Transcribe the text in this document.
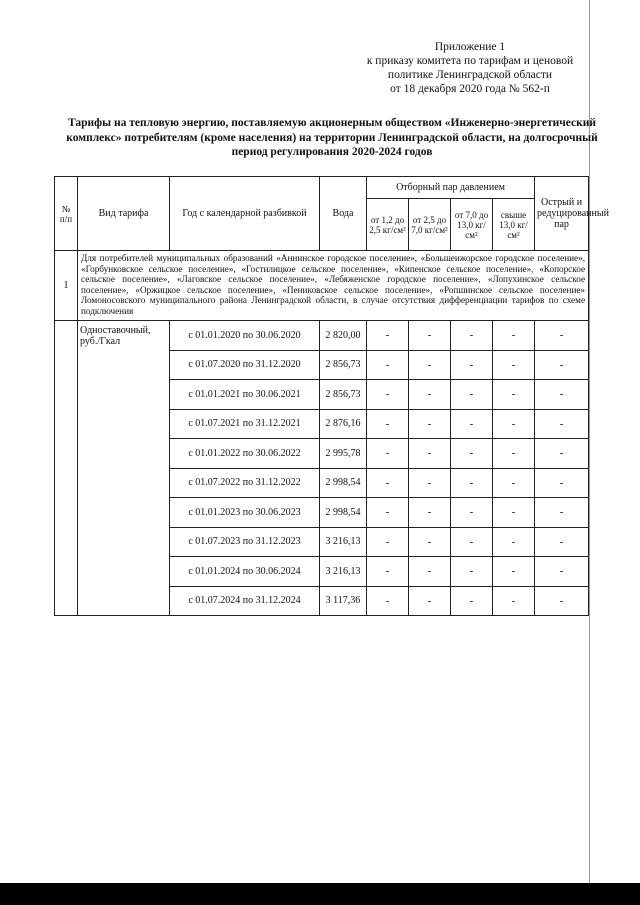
Приложение 1
к приказу комитета по тарифам и ценовой
политике Ленинградской области
от 18 декабря 2020 года № 562-п
Тарифы на тепловую энергию, поставляемую акционерным обществом «Инженерно-энергетический комплекс» потребителям (кроме населения) на территории Ленинградской области, на долгосрочный период регулирования 2020-2024 годов
№ п/п	Вид тарифа	Год с календарной разбивкой	Вода	Отборный пар давлением				Острый и редуцированный пар
				от 1,2 до 2,5 кг/см²	от 2,5 до 7,0 кг/см²	от 7,0 до 13,0 кг/см²	свыше 13,0 кг/см²	
1	Для потребителей муниципальных образований «Аннинское городское поселение», «Большеижорское городское поселение», «Горбунковское сельское поселение», «Гостилицкое сельское поселение», «Кипенское сельское поселение», «Копорское сельское поселение», «Лаговское сельское поселение», «Лебяженское городское поселение», «Лопухинское сельское поселение», «Оржицкое сельское поселение», «Пениковское сельское поселение», «Ропшинское сельское поселение» Ломоносовского муниципального района Ленинградской области, в случае отсутствия дифференциации тарифов по схеме подключения							
	Одноставочный, руб./Гкал	с 01.01.2020 по 30.06.2020	2 820,00	-	-	-	-	-
		с 01.07.2020 по 31.12.2020	2 856,73	-	-	-	-	-
		с 01.01.2021 по 30.06.2021	2 856,73	-	-	-	-	-
		с 01.07.2021 по 31.12.2021	2 876,16	-	-	-	-	-
		с 01.01.2022 по 30.06.2022	2 995,78	-	-	-	-	-
		с 01.07.2022 по 31.12.2022	2 998,54	-	-	-	-	-
		с 01.01.2023 по 30.06.2023	2 998,54	-	-	-	-	-
		с 01.07.2023 по 31.12.2023	3 216,13	-	-	-	-	-
		с 01.01.2024 по 30.06.2024	3 216,13	-	-	-	-	-
		с 01.07.2024 по 31.12.2024	3 117,36	-	-	-	-	-
